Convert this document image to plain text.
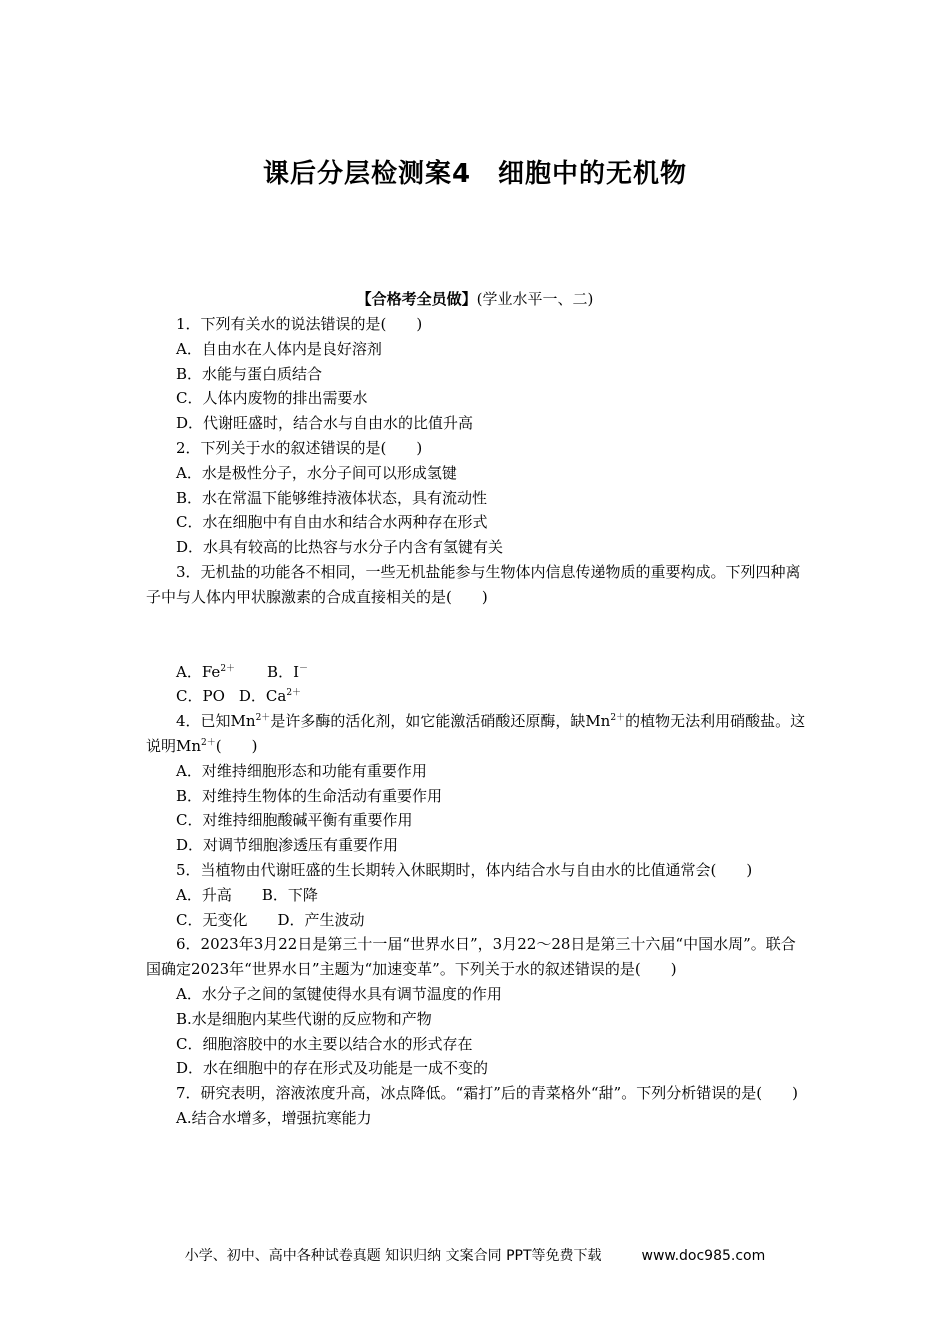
课后分层检测案4　细胞中的无机物
【合格考全员做】(学业水平一、二)

1．下列有关水的说法错误的是(　　)

A．自由水在人体内是良好溶剂

B．水能与蛋白质结合

C．人体内废物的排出需要水

D．代谢旺盛时，结合水与自由水的比值升高

2．下列关于水的叙述错误的是(　　)

A．水是极性分子，水分子间可以形成氢键

B．水在常温下能够维持液体状态，具有流动性

C．水在细胞中有自由水和结合水两种存在形式

D．水具有较高的比热容与水分子内含有氢键有关

3．无机盐的功能各不相同，一些无机盐能参与生物体内信息传递物质的重要构成。下列四种离子中与人体内甲状腺激素的合成直接相关的是(　　)

A．$Fe^{2+}$ B．I－

C．PO D．$Ca^{2+}$

4．已知$Mn^{2+}$是许多酶的活化剂，如它能激活硝酸还原酶，缺$Mn^{2+}$的植物无法利用硝酸盐。这说明$Mn^{2+}$(　　)

A．对维持细胞形态和功能有重要作用

B．对维持生物体的生命活动有重要作用

C．对维持细胞酸碱平衡有重要作用

D．对调节细胞渗透压有重要作用

5．当植物由代谢旺盛的生长期转入休眠期时，体内结合水与自由水的比值通常会(　　)

A．升高 B．下降

C．无变化 D．产生波动

6．2023年3月22日是第三十一届“世界水日”，3月22～28日是第三十六届“中国水周”。联合国确定2023年“世界水日”主题为“加速变革”。下列关于水的叙述错误的是(　　)

A．水分子之间的氢键使得水具有调节温度的作用

B.水是细胞内某些代谢的反应物和产物

C．细胞溶胶中的水主要以结合水的形式存在

D．水在细胞中的存在形式及功能是一成不变的

7．研究表明，溶液浓度升高，冰点降低。“霜打”后的青菜格外“甜”。下列分析错误的是(　　)

A.结合水增多，增强抗寒能力

小学、初中、高中各种试卷真题 知识归纳 文案合同 PPT等免费下载	www.doc985.com
